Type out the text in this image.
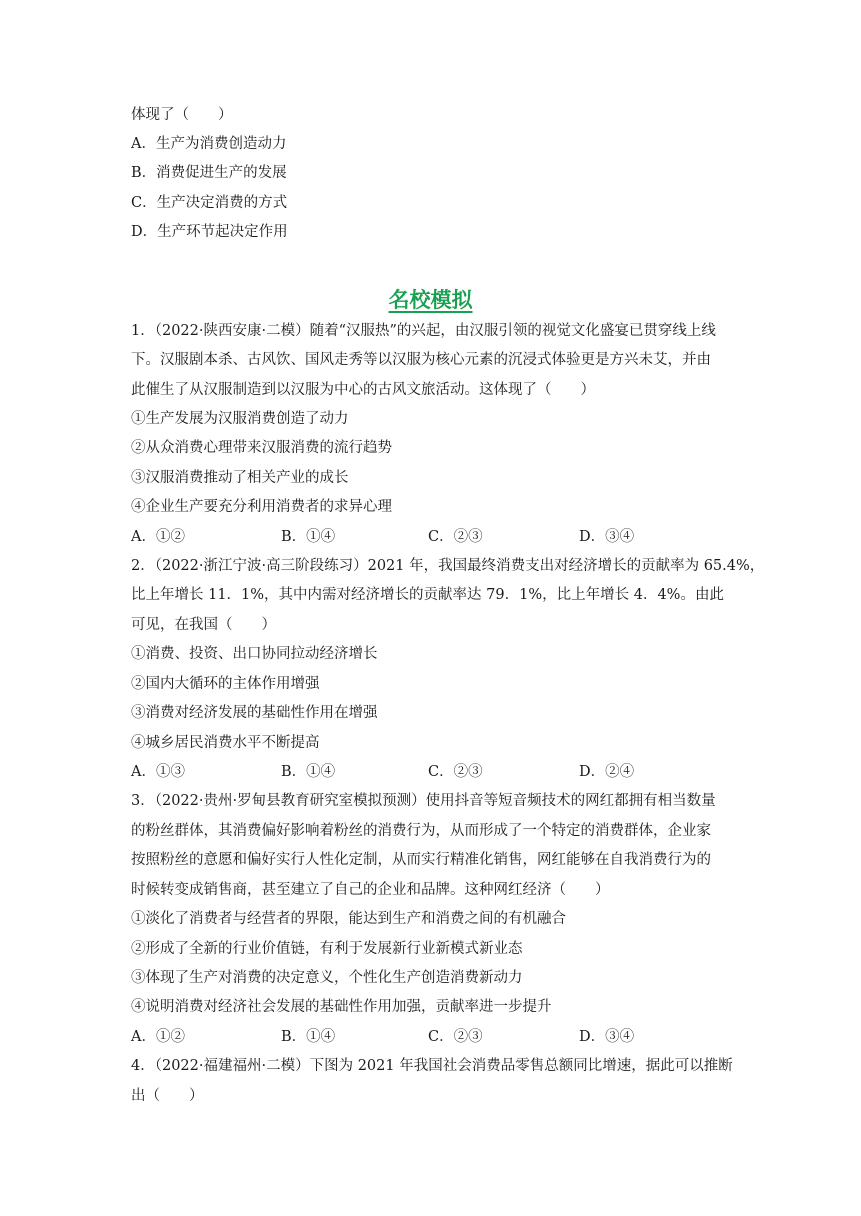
体现了（　　）
A．生产为消费创造动力
B．消费促进生产的发展
C．生产决定消费的方式
D．生产环节起决定作用
名校模拟
1．（2022·陕西安康·二模）随着“汉服热”的兴起，由汉服引领的视觉文化盛宴已贯穿线上线
下。汉服剧本杀、古风饮、国风走秀等以汉服为核心元素的沉浸式体验更是方兴未艾，并由
此催生了从汉服制造到以汉服为中心的古风文旅活动。这体现了（　　）
①生产发展为汉服消费创造了动力
②从众消费心理带来汉服消费的流行趋势
③汉服消费推动了相关产业的成长
④企业生产要充分利用消费者的求异心理
A．①②	B．①④	C．②③	D．③④
2．（2022·浙江宁波·高三阶段练习）2021 年，我国最终消费支出对经济增长的贡献率为 65.4%，
比上年增长 11．1%，其中内需对经济增长的贡献率达 79．1%，比上年增长 4．4%。由此
可见，在我国（　　）
①消费、投资、出口协同拉动经济增长
②国内大循环的主体作用增强
③消费对经济发展的基础性作用在增强
④城乡居民消费水平不断提高
A．①③	B．①④	C．②③	D．②④
3．（2022·贵州·罗甸县教育研究室模拟预测）使用抖音等短音频技术的网红都拥有相当数量
的粉丝群体，其消费偏好影响着粉丝的消费行为，从而形成了一个特定的消费群体，企业家
按照粉丝的意愿和偏好实行人性化定制，从而实行精准化销售，网红能够在自我消费行为的
时候转变成销售商，甚至建立了自己的企业和品牌。这种网红经济（　　）
①淡化了消费者与经营者的界限，能达到生产和消费之间的有机融合
②形成了全新的行业价值链，有利于发展新行业新模式新业态
③体现了生产对消费的决定意义，个性化生产创造消费新动力
④说明消费对经济社会发展的基础性作用加强，贡献率进一步提升
A．①②	B．①④	C．②③	D．③④
4．（2022·福建福州·二模）下图为 2021 年我国社会消费品零售总额同比增速，据此可以推断
出（　　）
